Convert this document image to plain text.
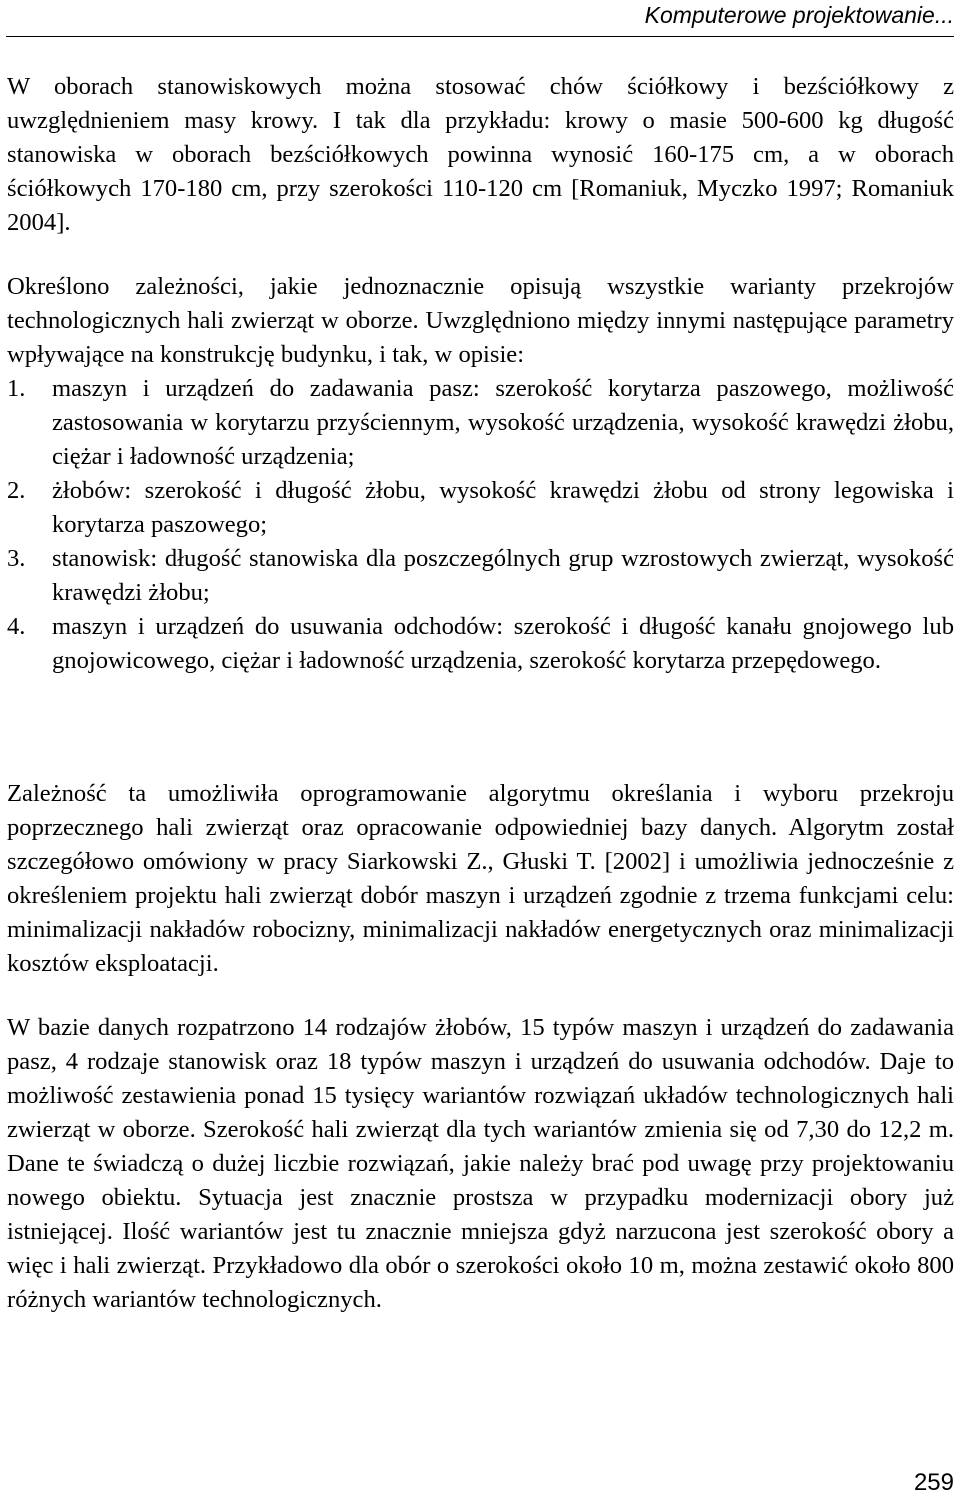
Komputerowe projektowanie...

W oborach stanowiskowych można stosować chów ściółkowy i bezściółkowy z uwzględnieniem masy krowy. I tak dla przykładu: krowy o masie 500-600 kg długość stanowiska w oborach bezściółkowych powinna wynosić 160-175 cm, a w oborach ściółkowych 170-180 cm, przy szerokości 110-120 cm [Romaniuk, Myczko 1997; Romaniuk 2004].

Określono zależności, jakie jednoznacznie opisują wszystkie warianty przekrojów technologicznych hali zwierząt w oborze. Uwzględniono między innymi następujące parametry wpływające na konstrukcję budynku, i tak, w opisie:

1.	maszyn i urządzeń do zadawania pasz: szerokość korytarza paszowego, możliwość zastosowania w korytarzu przyściennym, wysokość urządzenia, wysokość krawędzi żłobu, ciężar i ładowność urządzenia;
2.	żłobów: szerokość i długość żłobu, wysokość krawędzi żłobu od strony legowiska i korytarza paszowego;
3.	stanowisk: długość stanowiska dla poszczególnych grup wzrostowych zwierząt, wysokość krawędzi żłobu;
4.	maszyn i urządzeń do usuwania odchodów: szerokość i długość kanału gnojowego lub gnojowicowego, ciężar i ładowność urządzenia, szerokość korytarza przepędowego.

Zależność ta umożliwiła oprogramowanie algorytmu określania i wyboru przekroju poprzecznego hali zwierząt oraz opracowanie odpowiedniej bazy danych. Algorytm został szczegółowo omówiony w pracy Siarkowski Z., Głuski T. [2002] i umożliwia jednocześnie z określeniem projektu hali zwierząt dobór maszyn i urządzeń zgodnie z trzema funkcjami celu: minimalizacji nakładów robocizny, minimalizacji nakładów energetycznych oraz minimalizacji kosztów eksploatacji.

W bazie danych rozpatrzono 14 rodzajów żłobów, 15 typów maszyn i urządzeń do zadawania pasz, 4 rodzaje stanowisk oraz 18 typów maszyn i urządzeń do usuwania odchodów. Daje to możliwość zestawienia ponad 15 tysięcy wariantów rozwiązań układów technologicznych hali zwierząt w oborze. Szerokość hali zwierząt dla tych wariantów zmienia się od 7,30 do 12,2 m. Dane te świadczą o dużej liczbie rozwiązań, jakie należy brać pod uwagę przy projektowaniu nowego obiektu. Sytuacja jest znacznie prostsza w przypadku modernizacji obory już istniejącej. Ilość wariantów jest tu znacznie mniejsza gdyż narzucona jest szerokość obory a więc i hali zwierząt. Przykładowo dla obór o szerokości około 10 m, można zestawić około 800 różnych wariantów technologicznych.

259
